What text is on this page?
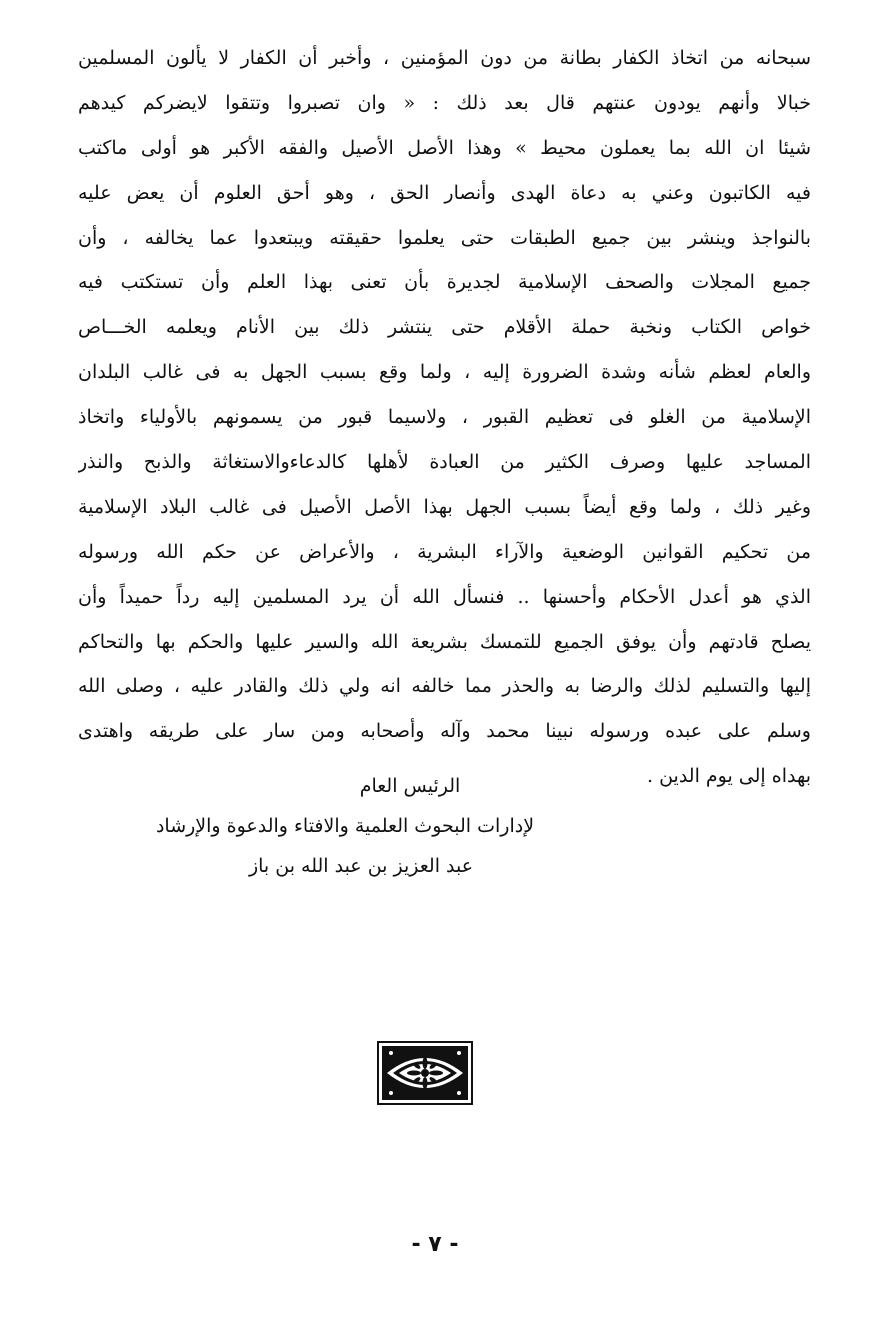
سبحانه من اتخاذ الكفار بطانة من دون المؤمنين ، وأخبر أن الكفار لا يألون المسلمين
خبالا وأنهم يودون عنتهم قال بعد ذلك : « وان تصبروا وتتقوا لايضركم كيدهم
شيئا ان الله بما يعملون محيط » وهذا الأصل الأصيل والفقه الأكبر هو أولى ماكتب
فيه الكاتبون وعني به دعاة الهدى وأنصار الحق ، وهو أحق العلوم أن يعض عليه
بالنواجذ وينشر بين جميع الطبقات حتى يعلموا حقيقته ويبتعدوا عما يخالفه ، وأن
جميع المجلات والصحف الإسلامية لجديرة بأن تعنى بهذا العلم وأن تستكتب فيه
خواص الكتاب ونخبة حملة الأقلام حتى ينتشر ذلك بين الأنام ويعلمه الخـــاص
والعام لعظم شأنه وشدة الضرورة إليه ، ولما وقع بسبب الجهل به فى غالب البلدان
الإسلامية من الغلو فى تعظيم القبور ، ولاسيما قبور من يسمونهم بالأولياء واتخاذ
المساجد عليها وصرف الكثير من العبادة لأهلها كالدعاءوالاستغاثة والذبح والنذر
وغير ذلك ، ولما وقع أيضاً بسبب الجهل بهذا الأصل الأصيل فى غالب البلاد الإسلامية
من تحكيم القوانين الوضعية والآراء البشرية ، والأعراض عن حكم الله ورسوله
الذي هو أعدل الأحكام وأحسنها .. فنسأل الله أن يرد المسلمين إليه رداً حميداً وأن
يصلح قادتهم وأن يوفق الجميع للتمسك بشريعة الله والسير عليها والحكم بها والتحاكم
إليها والتسليم لذلك والرضا به والحذر مما خالفه انه ولي ذلك والقادر عليه ، وصلى الله
وسلم على عبده ورسوله نبينا محمد وآله وأصحابه ومن سار على طريقه واهتدى
بهداه إلى يوم الدين .
الرئيس العام
لإدارات البحوث العلمية والافتاء والدعوة والإرشاد
عبد العزيز بن عبد الله بن باز
- ٧ -
